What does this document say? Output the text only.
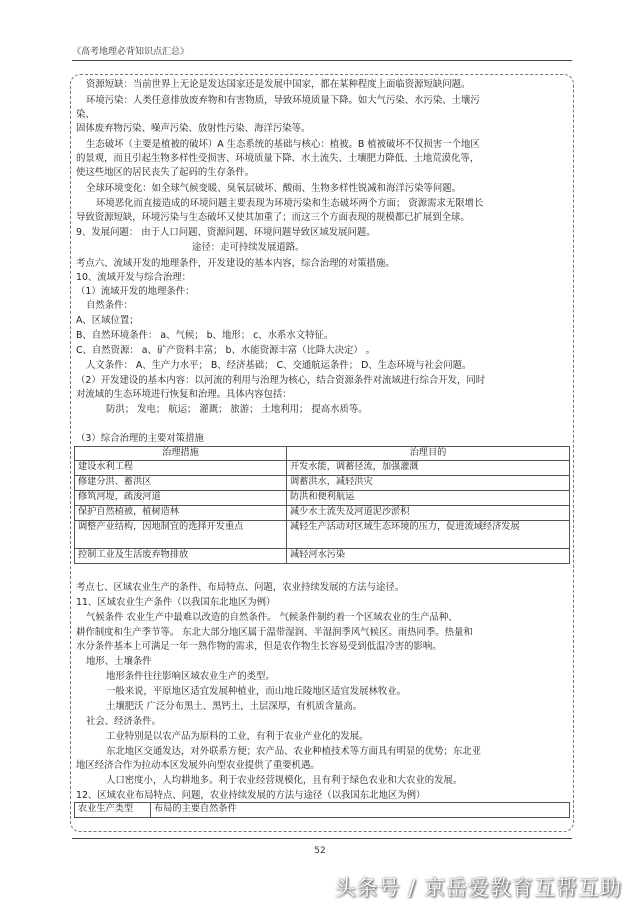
《高考地理必背知识点汇总》
资源短缺：当前世界上无论是发达国家还是发展中国家，都在某种程度上面临资源短缺问题。
环境污染：人类任意排放废弃物和有害物质，导致环境质量下降。如大气污染、水污染、土壤污
染、
固体废弃物污染、噪声污染、放射性污染、海洋污染等。
生态破坏（主要是植被的破坏）A 生态系统的基础与核心：植被。B 植被破坏不仅损害一个地区
的景观，而且引起生物多样性受损害、环境质量下降、水土流失、土壤肥力降低、土地荒漠化等，
使这些地区的居民丧失了起码的生存条件。
全球环境变化：如全球气候变暖、臭氧层破坏、酸雨、生物多样性锐减和海洋污染等问题。
环境恶化而直接造成的环境问题主要表现为环境污染和生态破坏两个方面； 资源需求无限增长
导致资源短缺，环境污染与生态破坏又使其加重了；而这三个方面表现的规模都已扩展到全球。
9、发展问题： 由于人口问题、资源问题、环境问题导致区域发展问题。
途径：走可持续发展道路。
考点六、流域开发的地理条件，开发建设的基本内容，综合治理的对策措施。
10、流域开发与综合治理：
（1）流域开发的地理条件：
自然条件：
A、区域位置；
B、自然环境条件： a、气候； b、地形； c、水系水文特征。
C、自然资源： a、矿产资料丰富； b、水能资源丰富（比降大决定） 。
人文条件： A、生产力水平； B、经济基础； C、交通航运条件； D、生态环境与社会问题。
（2）开发建设的基本内容：以河流的利用与治理为核心，结合资源条件对流域进行综合开发，同时
对流域的生态环境进行恢复和治理。具体内容包括：
防洪； 发电； 航运； 灌溉； 旅游； 土地利用； 提高水质等。
（3）综合治理的主要对策措施
治理措施	治理目的
建设水利工程	开发水能，调蓄径流，加强灌溉
修建分洪、蓄洪区	调蓄洪水，减轻洪灾
修筑河堤，疏浚河道	防洪和便利航运
保护自然植被，植树造林	减少水土流失及河道泥沙淤积
调整产业结构，因地制宜的选择开发重点	减轻生产活动对区域生态环境的压力，促进流域经济发展
控制工业及生活废弃物排放	减轻河水污染
考点七、区域农业生产的条件、布局特点、问题，农业持续发展的方法与途径。
11、区域农业生产条件（以我国东北地区为例）
气候条件 农业生产中最难以改造的自然条件。 气候条件制约着一个区域农业的生产品种、
耕作制度和生产季节等。 东北大部分地区属于温带湿润、半湿润季风气候区。雨热同季。热量和
水分条件基本上可满足一年一熟作物的需求，但是农作物生长容易受到低温冷害的影响。
地形、土壤条件
地形条件往往影响区域农业生产的类型。
一般来说，平原地区适宜发展种植业，而山地丘陵地区适宜发展林牧业。
土壤肥沃 广泛分布黑土、黑钙土，土层深厚，有机质含量高。
社会、经济条件。
工业特别是以农产品为原料的工业，有利于农业产业化的发展。
东北地区交通发达，对外联系方便；农产品、农业种植技术等方面具有明显的优势；东北亚
地区经济合作为拉动本区发展外向型农业提供了重要机遇。
人口密度小，人均耕地多。利于农业经营规模化，且有利于绿色农业和大农业的发展。
12、区域农业布局特点、问题，农业持续发展的方法与途径（以我国东北地区为例）
农业生产类型	布局的主要自然条件
52
头条号 / 京岳爱教育互帮互助
